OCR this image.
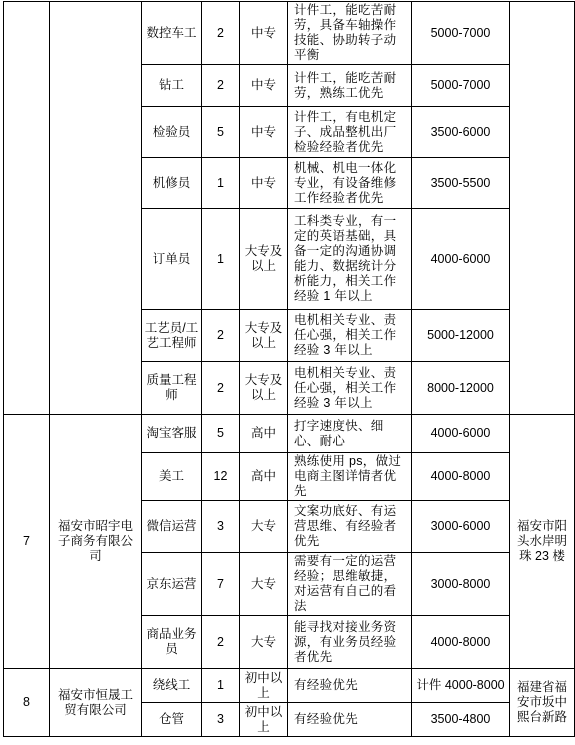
		数控车工	2	中专	计件工，能吃苦耐劳，具备车轴操作技能、协助转子动平衡	5000-7000	
		钻工	2	中专	计件工，能吃苦耐劳，熟练工优先	5000-7000	
		检验员	5	中专	计件工，有电机定子、成品整机出厂检验经验者优先	3500-6000	
		机修员	1	中专	机械、机电一体化专业，有设备维修工作经验者优先	3500-5500	
		订单员	1	大专及以上	工科类专业，有一定的英语基础，具备一定的沟通协调能力、数据统计分析能力，相关工作经验 1 年以上	4000-6000	
		工艺员/工艺工程师	2	大专及以上	电机相关专业、责任心强，相关工作经验 3 年以上	5000-12000	
		质量工程师	2	大专及以上	电机相关专业、责任心强，相关工作经验 3 年以上	8000-12000	
7	福安市昭宇电子商务有限公司	淘宝客服	5	高中	打字速度快、细心、耐心	4000-6000	福安市阳头水岸明珠 23 楼
		美工	12	高中	熟练使用 ps，做过电商主图详情者优先	4000-8000	
		微信运营	3	大专	文案功底好、有运营思维、有经验者优先	3000-6000	
		京东运营	7	大专	需要有一定的运营经验；思维敏捷，对运营有自己的看法	3000-8000	
		商品业务员	2	大专	能寻找对接业务资源，有业务员经验者优先	4000-8000	
8	福安市恒晟工贸有限公司	绕线工	1	初中以上	有经验优先	计件 4000-8000	福建省福安市坂中熙台新路
		仓管	3	初中以上	有经验优先	3500-4800	
